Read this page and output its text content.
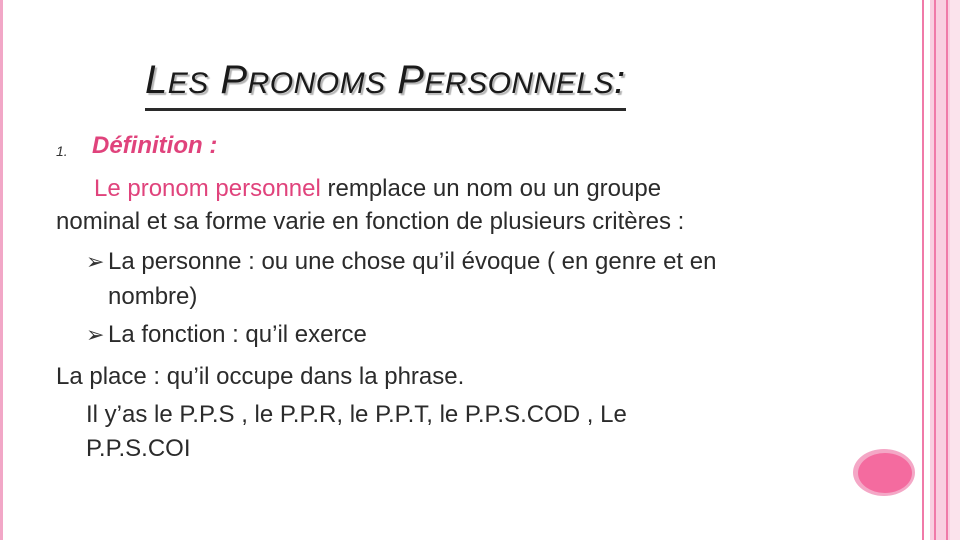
LES PRONOMS PERSONNELS:
1. Définition :
Le pronom personnel remplace un nom ou un groupe
nominal et sa forme varie en fonction de plusieurs critères :
➢ La personne : ou une chose qu’il évoque ( en genre et en
nombre)
➢ La fonction : qu’il exerce
La place : qu’il occupe dans la phrase.
Il y’as le P.P.S , le P.P.R, le P.P.T, le P.P.S.COD , Le
P.P.S.COI
